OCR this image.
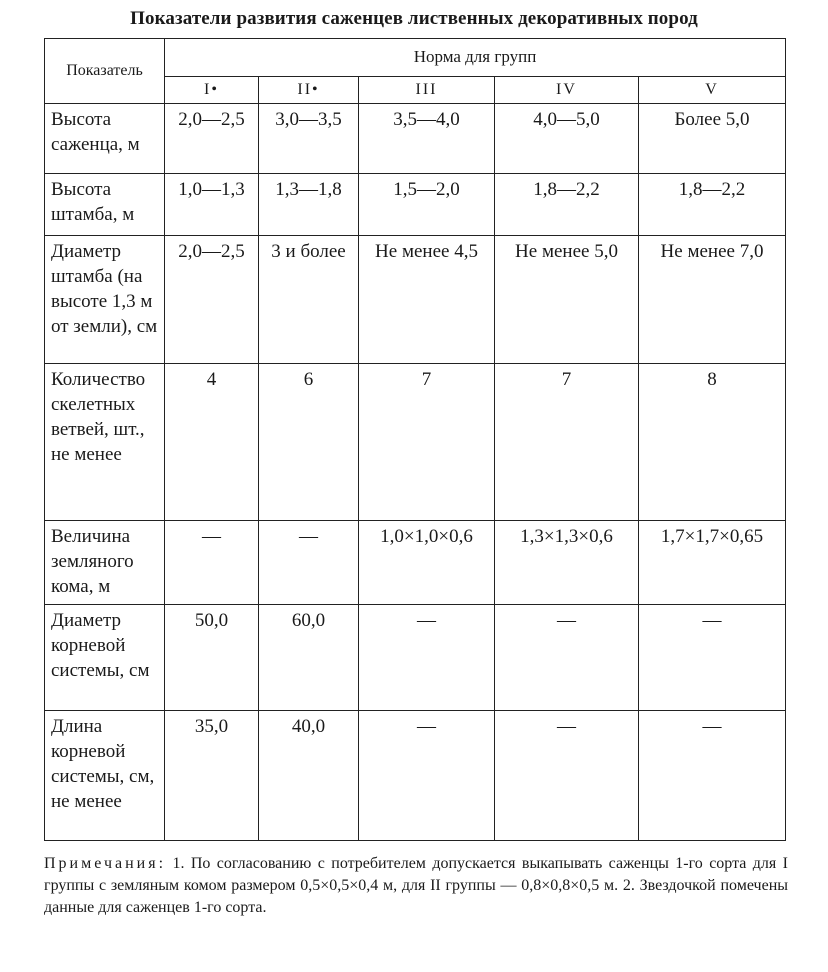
Показатели развития саженцев лиственных декоративных пород
Показатель	Норма для групп				
	I•	II•	III	IV	V
Высота саженца, м	2,0—2,5	3,0—3,5	3,5—4,0	4,0—5,0	Более 5,0
Высота штамба, м	1,0—1,3	1,3—1,8	1,5—2,0	1,8—2,2	1,8—2,2
Диаметр штамба (на высоте 1,3 м от земли), см	2,0—2,5	3 и более	Не менее 4,5	Не менее 5,0	Не менее 7,0
Количество скелетных ветвей, шт., не менее	4	6	7	7	8
Величина земляного кома, м	—	—	1,0×1,0×0,6	1,3×1,3×0,6	1,7×1,7×0,65
Диаметр корневой системы, см	50,0	60,0	—	—	—
Длина корневой системы, см, не менее	35,0	40,0	—	—	—
Примечания: 1. По согласованию с потребителем допускается выкапывать саженцы 1-го сорта для I группы с земляным комом размером 0,5×0,5×0,4 м, для II группы — 0,8×0,8×0,5 м. 2. Звездочкой помечены данные для саженцев 1-го сорта.
